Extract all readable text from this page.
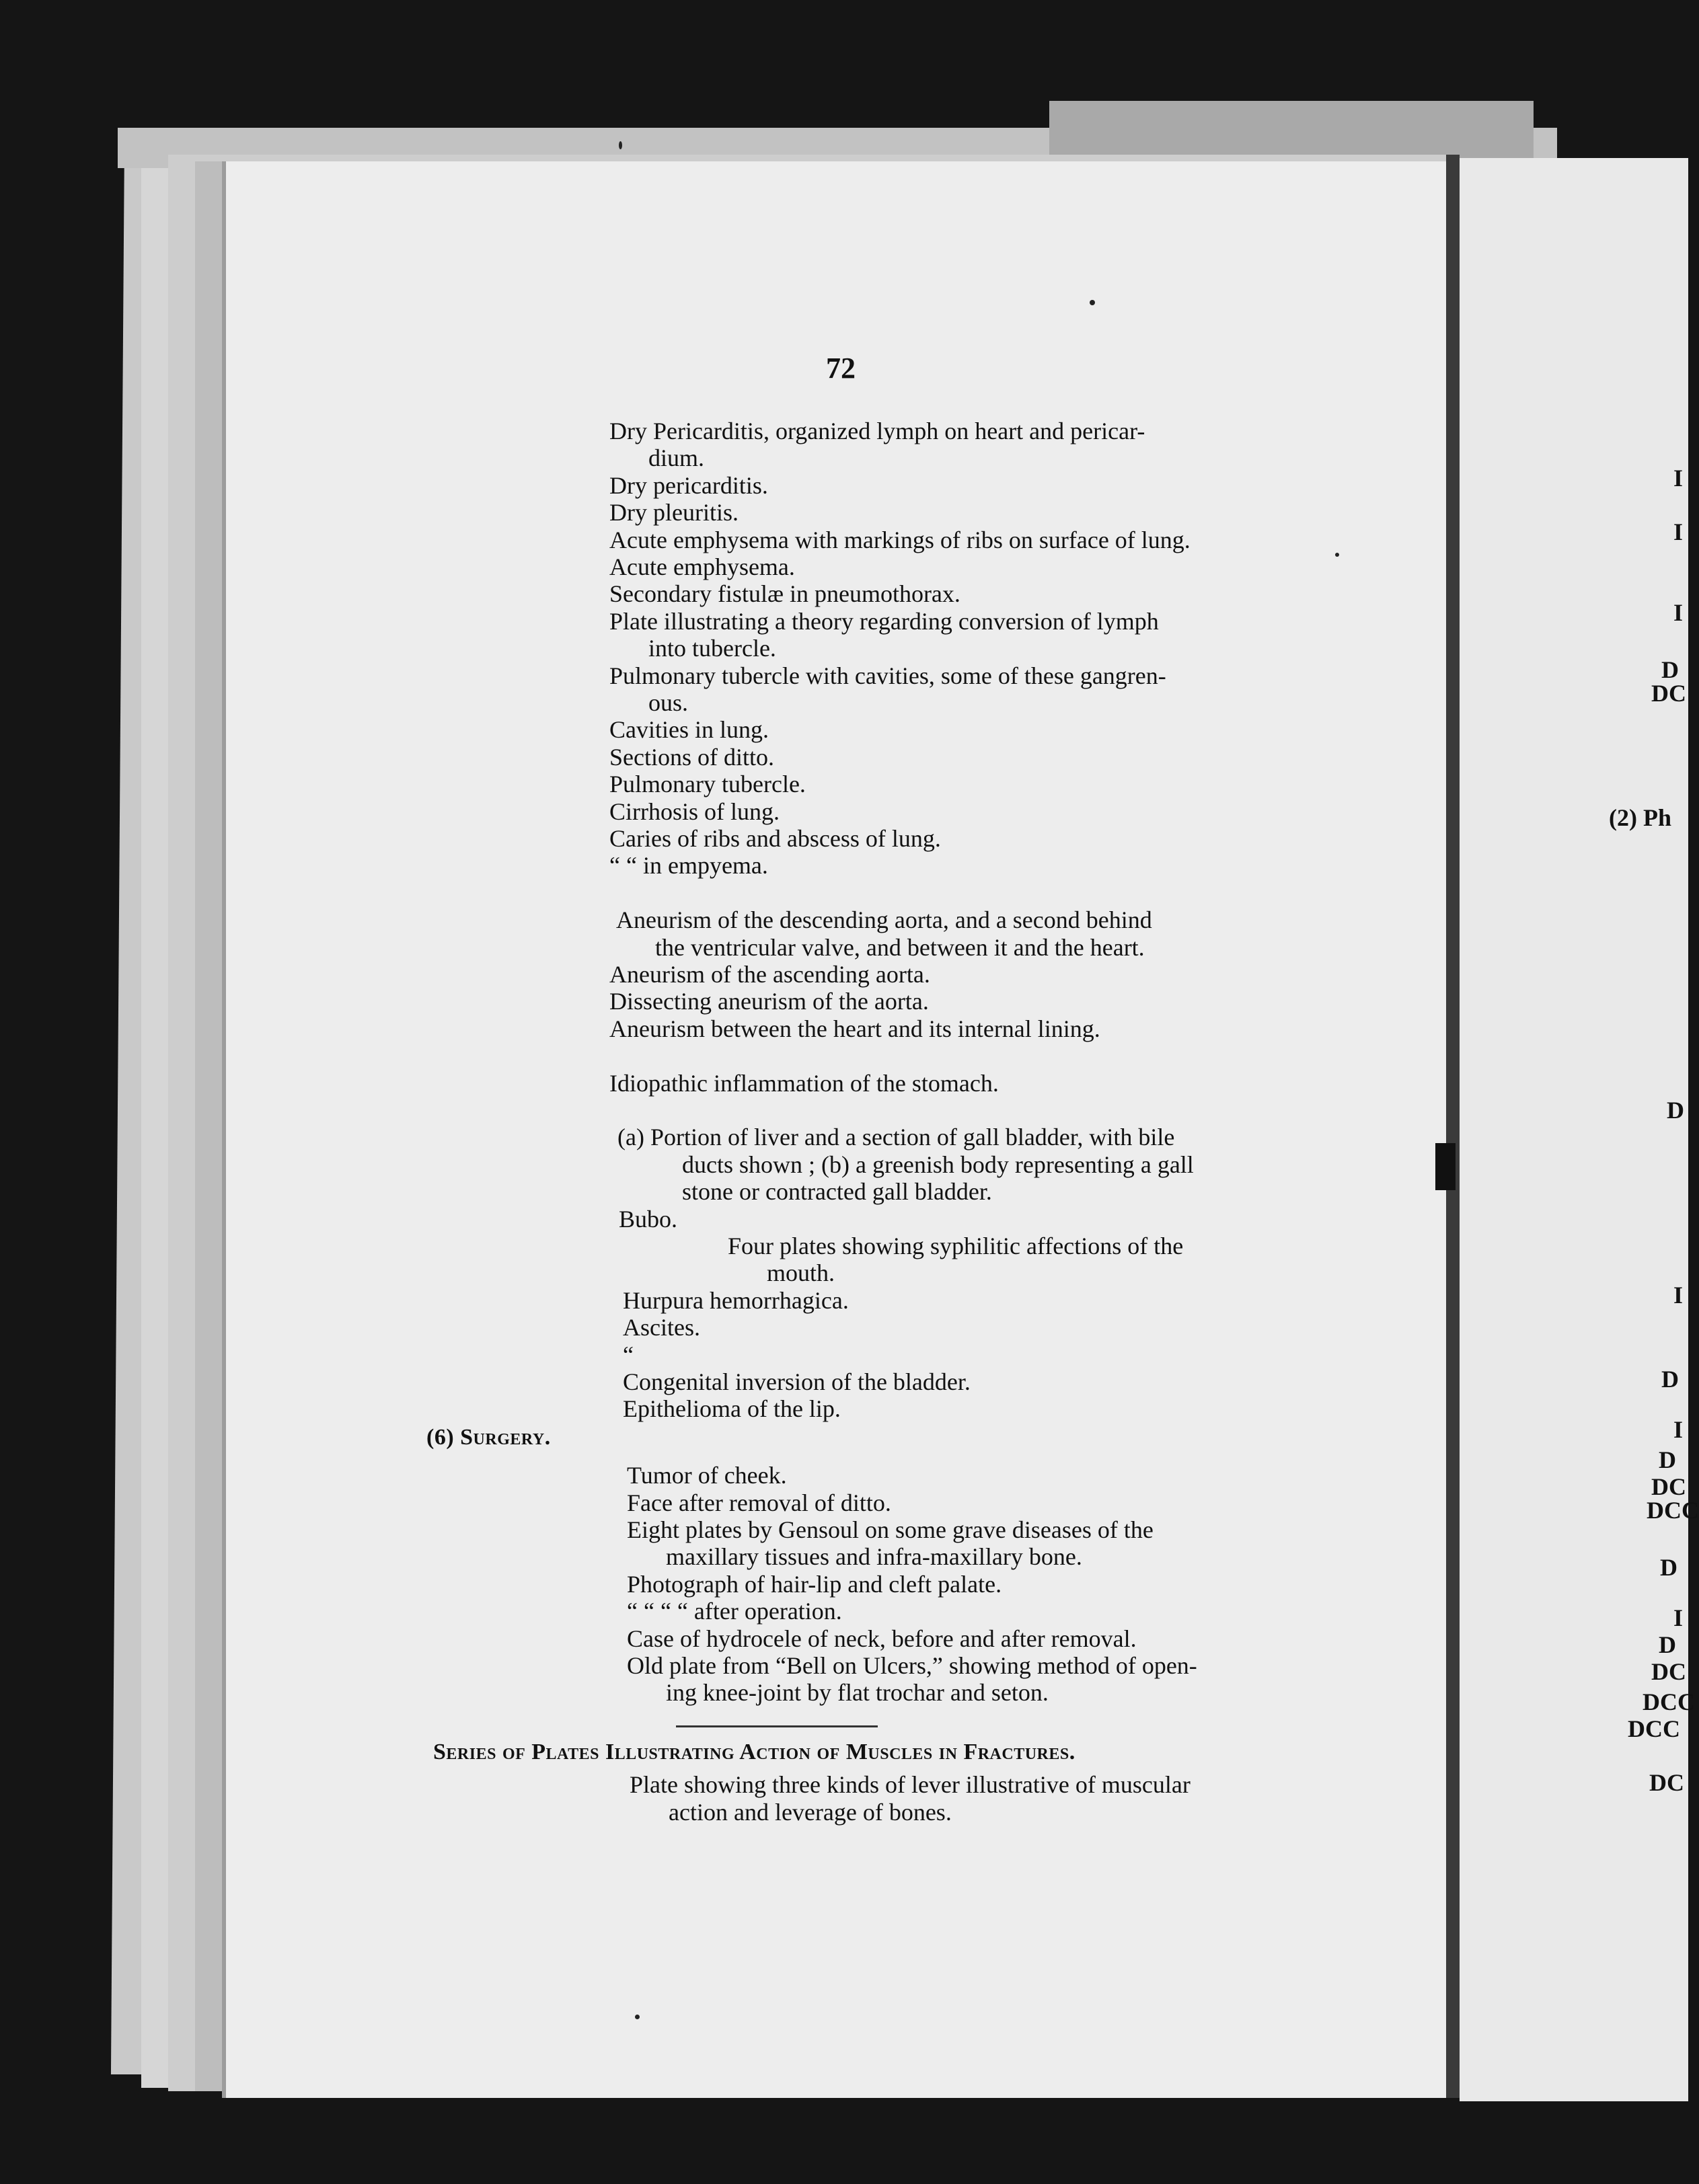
I
I
I
D
DC
(2) Ph
D
I
D
I
D
DC
DCC
D
I
D
DC
DCC
DCC
DC
72
Dry Pericarditis, organized lymph on heart and pericar-
dium.
Dry pericarditis.
Dry pleuritis.
Acute emphysema with markings of ribs on surface of lung.
Acute emphysema.
Secondary fistulæ in pneumothorax.
Plate illustrating a theory regarding conversion of lymph
into tubercle.
Pulmonary tubercle with cavities, some of these gangren-
ous.
Cavities in lung.
Sections of ditto.
Pulmonary tubercle.
Cirrhosis of lung.
Caries of ribs and abscess of lung.
“ “ in empyema.
Aneurism of the descending aorta, and a second behind
the ventricular valve, and between it and the heart.
Aneurism of the ascending aorta.
Dissecting aneurism of the aorta.
Aneurism between the heart and its internal lining.
Idiopathic inflammation of the stomach.
(a) Portion of liver and a section of gall bladder, with bile
ducts shown ; (b) a greenish body representing a gall
stone or contracted gall bladder.
Bubo.
Four plates showing syphilitic affections of the
mouth.
Hurpura hemorrhagica.
Ascites.
“
Congenital inversion of the bladder.
Epithelioma of the lip.
(6) Surgery.
Tumor of cheek.
Face after removal of ditto.
Eight plates by Gensoul on some grave diseases of the
maxillary tissues and infra-maxillary bone.
Photograph of hair-lip and cleft palate.
“ “ “ “ after operation.
Case of hydrocele of neck, before and after removal.
Old plate from “Bell on Ulcers,” showing method of open-
ing knee-joint by flat trochar and seton.
Series of Plates Illustrating Action of Muscles in Fractures.
Plate showing three kinds of lever illustrative of muscular
action and leverage of bones.
